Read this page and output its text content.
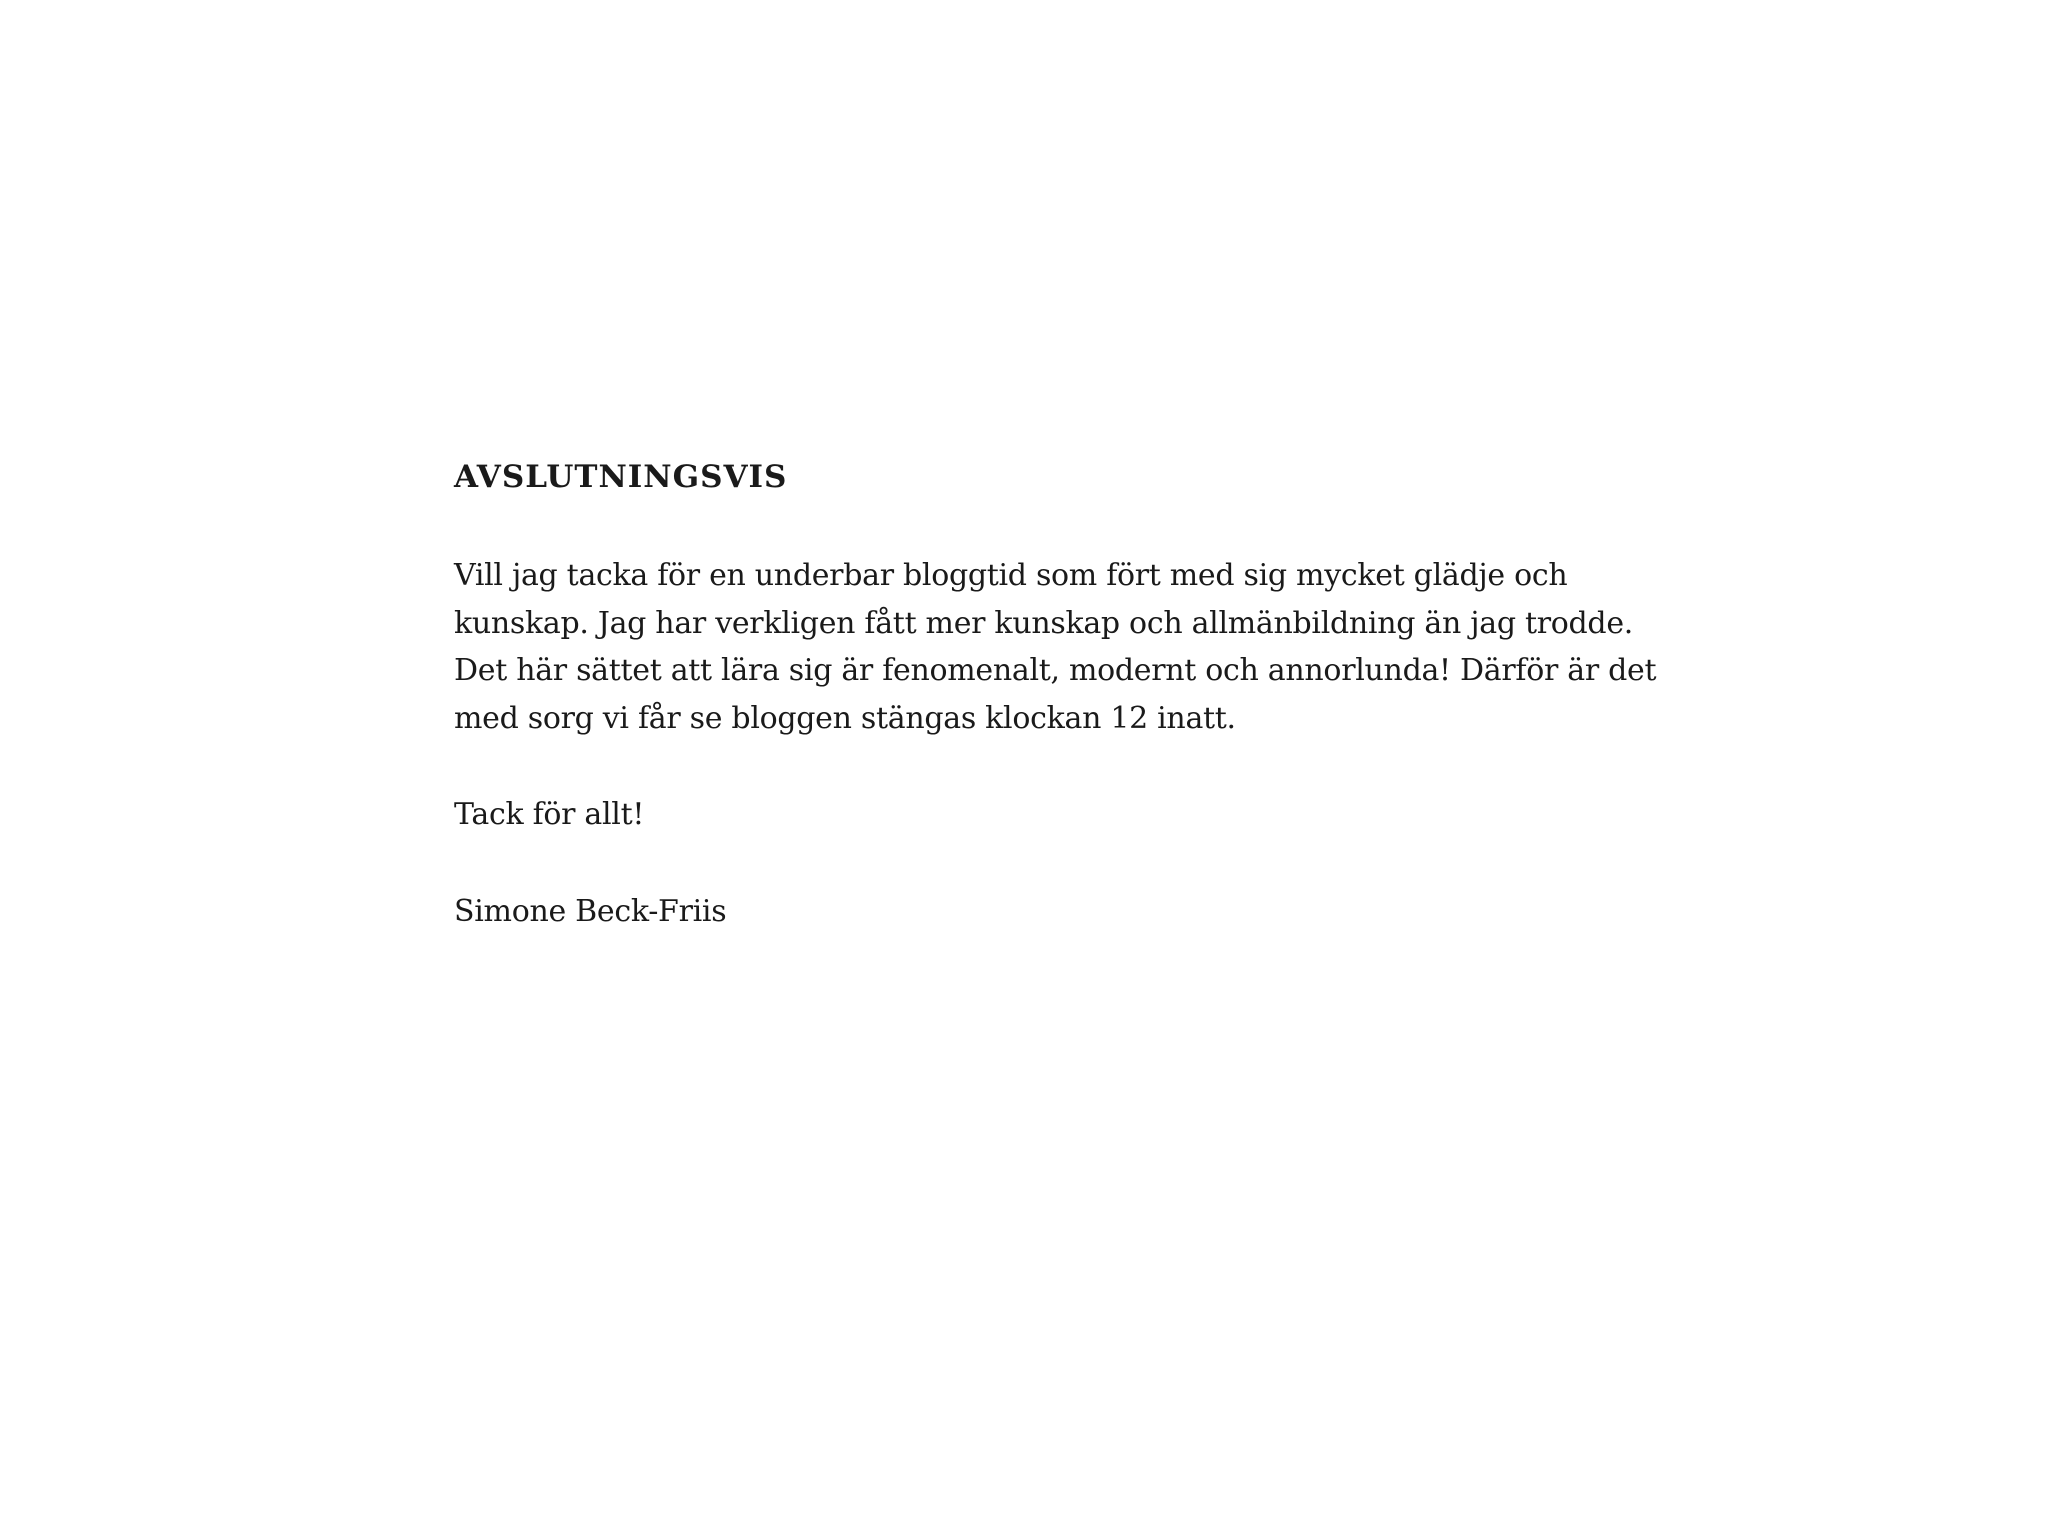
AVSLUTNINGSVIS

Vill jag tacka för en underbar bloggtid som fört med sig mycket glädje och
kunskap. Jag har verkligen fått mer kunskap och allmänbildning än jag trodde.
Det här sättet att lära sig är fenomenalt, modernt och annorlunda! Därför är det
med sorg vi får se bloggen stängas klockan 12 inatt.

Tack för allt!

Simone Beck-Friis
